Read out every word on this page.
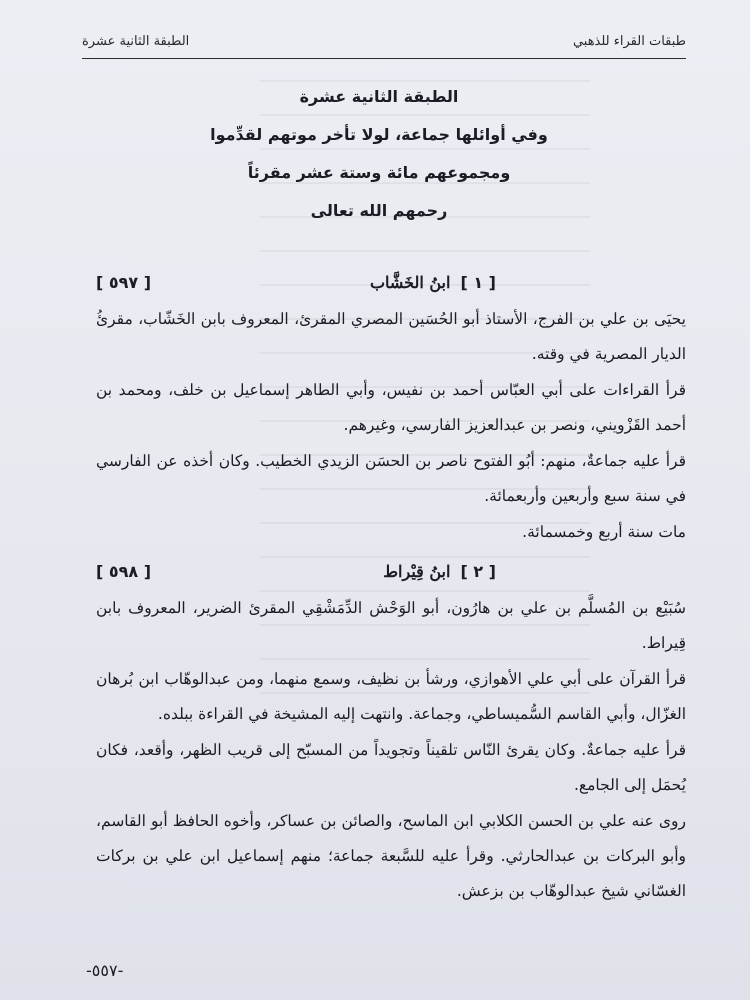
طبقات القراء للذهبي
الطبقة الثانية عشرة
الطبقة الثانية عشرة
وفي أوائلها جماعة، لولا تأخر موتهم لقدِّموا
ومجموعهم مائة وستة عشر مقرئاً
رحمهم الله تعالى
[ ١ ]
ابنُ الخَشَّاب
[ ٥٩٧ ]

يحيَى بن علي بن الفرج، الأستاذ أبو الحُسَين المصري المقرئ، المعروف بابن الخَشّاب، مقرئُ الديار المصرية في وقته.

قرأ القراءات على أبي العبّاس أحمد بن نفيس، وأبي الطاهر إسماعيل بن خلف، ومحمد بن أحمد القَزْويني، ونصر بن عبدالعزيز الفارسي، وغيرهم.

قرأ عليه جماعةٌ، منهم: أبُو الفتوح ناصر بن الحسَن الزيدي الخطيب. وكان أخذه عن الفارسي في سنة سبع وأربعين وأربعمائة.

مات سنة أربع وخمسمائة.

[ ٢ ]
ابنُ قِيْراط
[ ٥٩٨ ]

سُبَيْع بن المُسلَّم بن علي بن هارُون، أبو الوَحْش الدِّمَشْقِي المقرئ الضرير، المعروف بابن قِيراط.

قرأ القرآن على أبي علي الأهوازي، ورشأ بن نظيف، وسمع منهما، ومن عبدالوهّاب ابن بُرهان الغزّال، وأبي القاسم السُّميساطي، وجماعة. وانتهت إليه المشيخة في القراءة ببلده.

قرأ عليه جماعةٌ. وكان يقرئ النّاس تلقيناً وتجويداً من المسبّح إلى قريب الظهر، وأقعد، فكان يُحمَل إلى الجامع.

روى عنه علي بن الحسن الكلابي ابن الماسح، والصائن بن عساكر، وأخوه الحافظ أبو القاسم، وأبو البركات بن عبدالحارثي. وقرأ عليه للسَّبعة جماعة؛ منهم إسماعيل ابن علي بن بركات الغسّاني شيخ عبدالوهّاب بن بزعش.

-٥٥٧-
